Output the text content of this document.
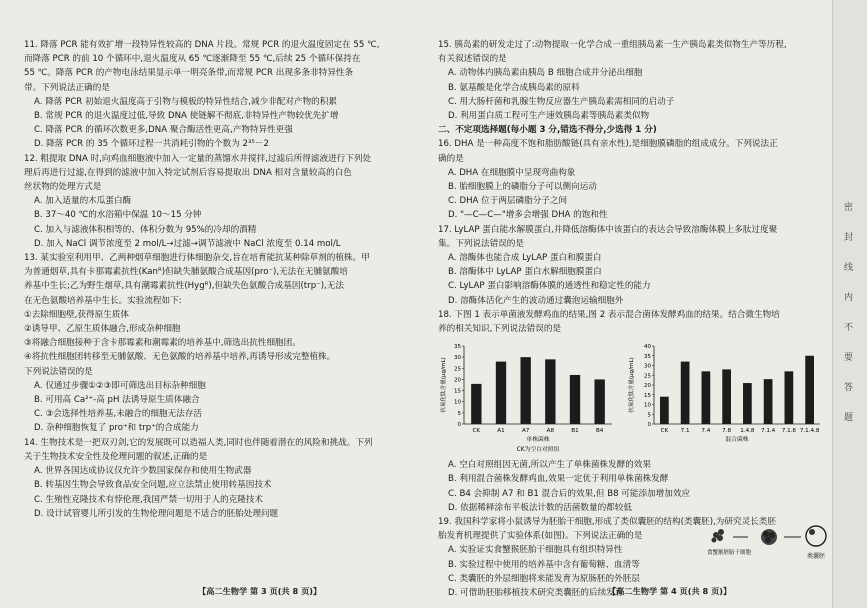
11. 降落 PCR 能有效扩增一段特异性较高的 DNA 片段。常规 PCR 的退火温度固定在 55 ℃,
而降落 PCR 的前 10 个循环中,退火温度从 65 ℃逐渐降至 55 ℃,后续 25 个循环保持在
55 ℃。降落 PCR 的产物电泳结果显示单一明亮条带,而常规 PCR 出现多条非特异性条
带。下列说法正确的是
A. 降落 PCR 初始退火温度高于引物与模板的特异性结合,减少非配对产物的积累
B. 常规 PCR 的退火温度过低,导致 DNA 使链解不彻底,非特异性产物较优先扩增
C. 降落 PCR 的循环次数更多,DNA 聚合酶活性更高,产物特异性更强
D. 降落 PCR 的 35 个循环过程一共消耗引物的个数为 2³⁵－2
12. 粗提取 DNA 时,向鸡血细胞液中加入一定量的蒸馏水并搅拌,过滤后所得滤液进行下列处
理后再进行过滤,在得到的滤液中加入特定试剂后容易提取出 DNA 相对含量较高的白色
丝状物的处理方式是
A. 加入适量的木瓜蛋白酶
B. 37～40 ℃的水浴箱中保温 10～15 分钟
C. 加入与滤液体积相等的、体积分数为 95%的冷却的酒精
D. 加入 NaCl 调节浓度至 2 mol/L→过滤→调节滤液中 NaCl 浓度至 0.14 mol/L
13. 某实验室利用甲、乙两种烟草细胞进行体细胞杂交,旨在培育能抗某种除草剂的植株。甲
为普通烟草,具有卡那霉素抗性(Kanᴿ)但缺失脯氨酸合成基因(pro⁻),无法在无脯氨酸培
养基中生长;乙为野生烟草,具有潮霉素抗性(Hygᴿ),但缺失色氨酸合成基因(trp⁻),无法
在无色氨酸培养基中生长。实验流程如下:
①去除细胞壁,获得原生质体
②诱导甲、乙原生质体融合,形成杂种细胞
③将融合细胞接种于含卡那霉素和潮霉素的培养基中,筛选出抗性细胞团。
④将抗性细胞团转移至无脯氨酸、无色氨酸的培养基中培养,再诱导形成完整植株。
下列说法错误的是
A. 仅通过步骤①②③即可筛选出目标杂种细胞
B. 可用高 Ca²⁺-高 pH 法诱导原生质体融合
C. ③会选择性培养基,未融合的细胞无法存活
D. 杂种细胞恢复了 pro⁺和 trp⁺的合成能力
14. 生物技术是一把双刃剑,它的发展既可以造福人类,同时也伴随着潜在的风险和挑战。下列
关于生物技术安全性及伦理问题的叙述,正确的是
A. 世界各国达成协议仅允许少数国家保存和使用生物武器
B. 转基因生物会导致食品安全问题,应立法禁止使用转基因技术
C. 生殖性克隆技术有悖伦理,我国严禁一切用于人的克隆技术
D. 设计试管婴儿所引发的生物伦理问题是不适合的胚胎处理问题
【高二生物学 第 3 页(共 8 页)】
15. 胰岛素的研发走过了:动物提取一化学合成一重组胰岛素一生产胰岛素类似物生产等历程,
有关叙述错误的是
A. 动物体内胰岛素由胰岛 B 细胞合成并分泌出细胞
B. 氨基酸是化学合成胰岛素的原料
C. 用大肠杆菌和乳腺生物反应器生产胰岛素需相同的启动子
D. 利用蛋白质工程可生产速效胰岛素等胰岛素类似物
二、不定项选择题(每小题 3 分,错选不得分,少选得 1 分)
16. DHA 是一种高度不饱和脂肪酸链(具有亲水性),是细胞膜磷脂的组成成分。下列说法正
确的是
A. DHA 在细胞膜中呈现弯曲构象
B. 胎细胞膜上的磷脂分子可以侧向运动
C. DHA 位于两层磷脂分子之间
D. "—C—C—"增多会增强 DHA 的饱和性
17. LyLAP 蛋白能水解膜蛋白,并降低溶酶体中该蛋白的表达会导致溶酶体膜上多肽过度聚
集。下列说法错误的是
A. 溶酶体也能合成 LyLAP 蛋白和膜蛋白
B. 溶酶体中 LyLAP 蛋白水解细胞膜蛋白
C. LyLAP 蛋白影响溶酶体膜的通透性和稳定性的能力
D. 溶酶体活化产生的波动通过囊泡运输细胞外
18. 下图 1 表示单菌液发酵鸡血的结果,图 2 表示混合菌体发酵鸡血的结果。结合微生物培
养的相关知识,下列说法错误的是
0
5
10
15
20
25
30
35
CK	A1	A7	A8	B1	B4
单株菌株
抗氧化肽含量(μg/mL)
CK为空白对照组
0
5
10
15
20
25
30
35
40
CK 7.1 7.4 7.8 1.4.8 7.1.4 7.1.8 7.1.4.8
混合菌株
抗氧化肽含量(μg/mL)
A. 空白对照组因无菌,所以产生了单株菌株发酵的效果
B. 利用混合菌株发酵鸡血,效果一定优于利用单株菌株发酵
C. B4 会抑制 A7 和 B1 混合后的效果,但 B8 可能添加增加效应
D. 依据稀释涂布平板法计数的活菌数量的都较低
19. 我国科学家将小鼠诱导为胚胎干细胞,形成了类似囊胚的结构(类囊胚),为研究灵长类胚
胎发育机理提供了实验体系(如图)。下列说法正确的是
A. 实验证实食蟹猴胚胎干细胞具有组织特异性
B. 实验过程中使用的培养基中含有葡萄糖、血清等
C. 类囊胚的外层细胞将来能发育为原肠胚的外胚层
D. 可借助胚胎移植技术研究类囊胚的后续发育
食蟹猴胚胎干细胞	类囊胚
【高二生物学 第 4 页(共 8 页)】
密
封
线
内
不
要
答
题
